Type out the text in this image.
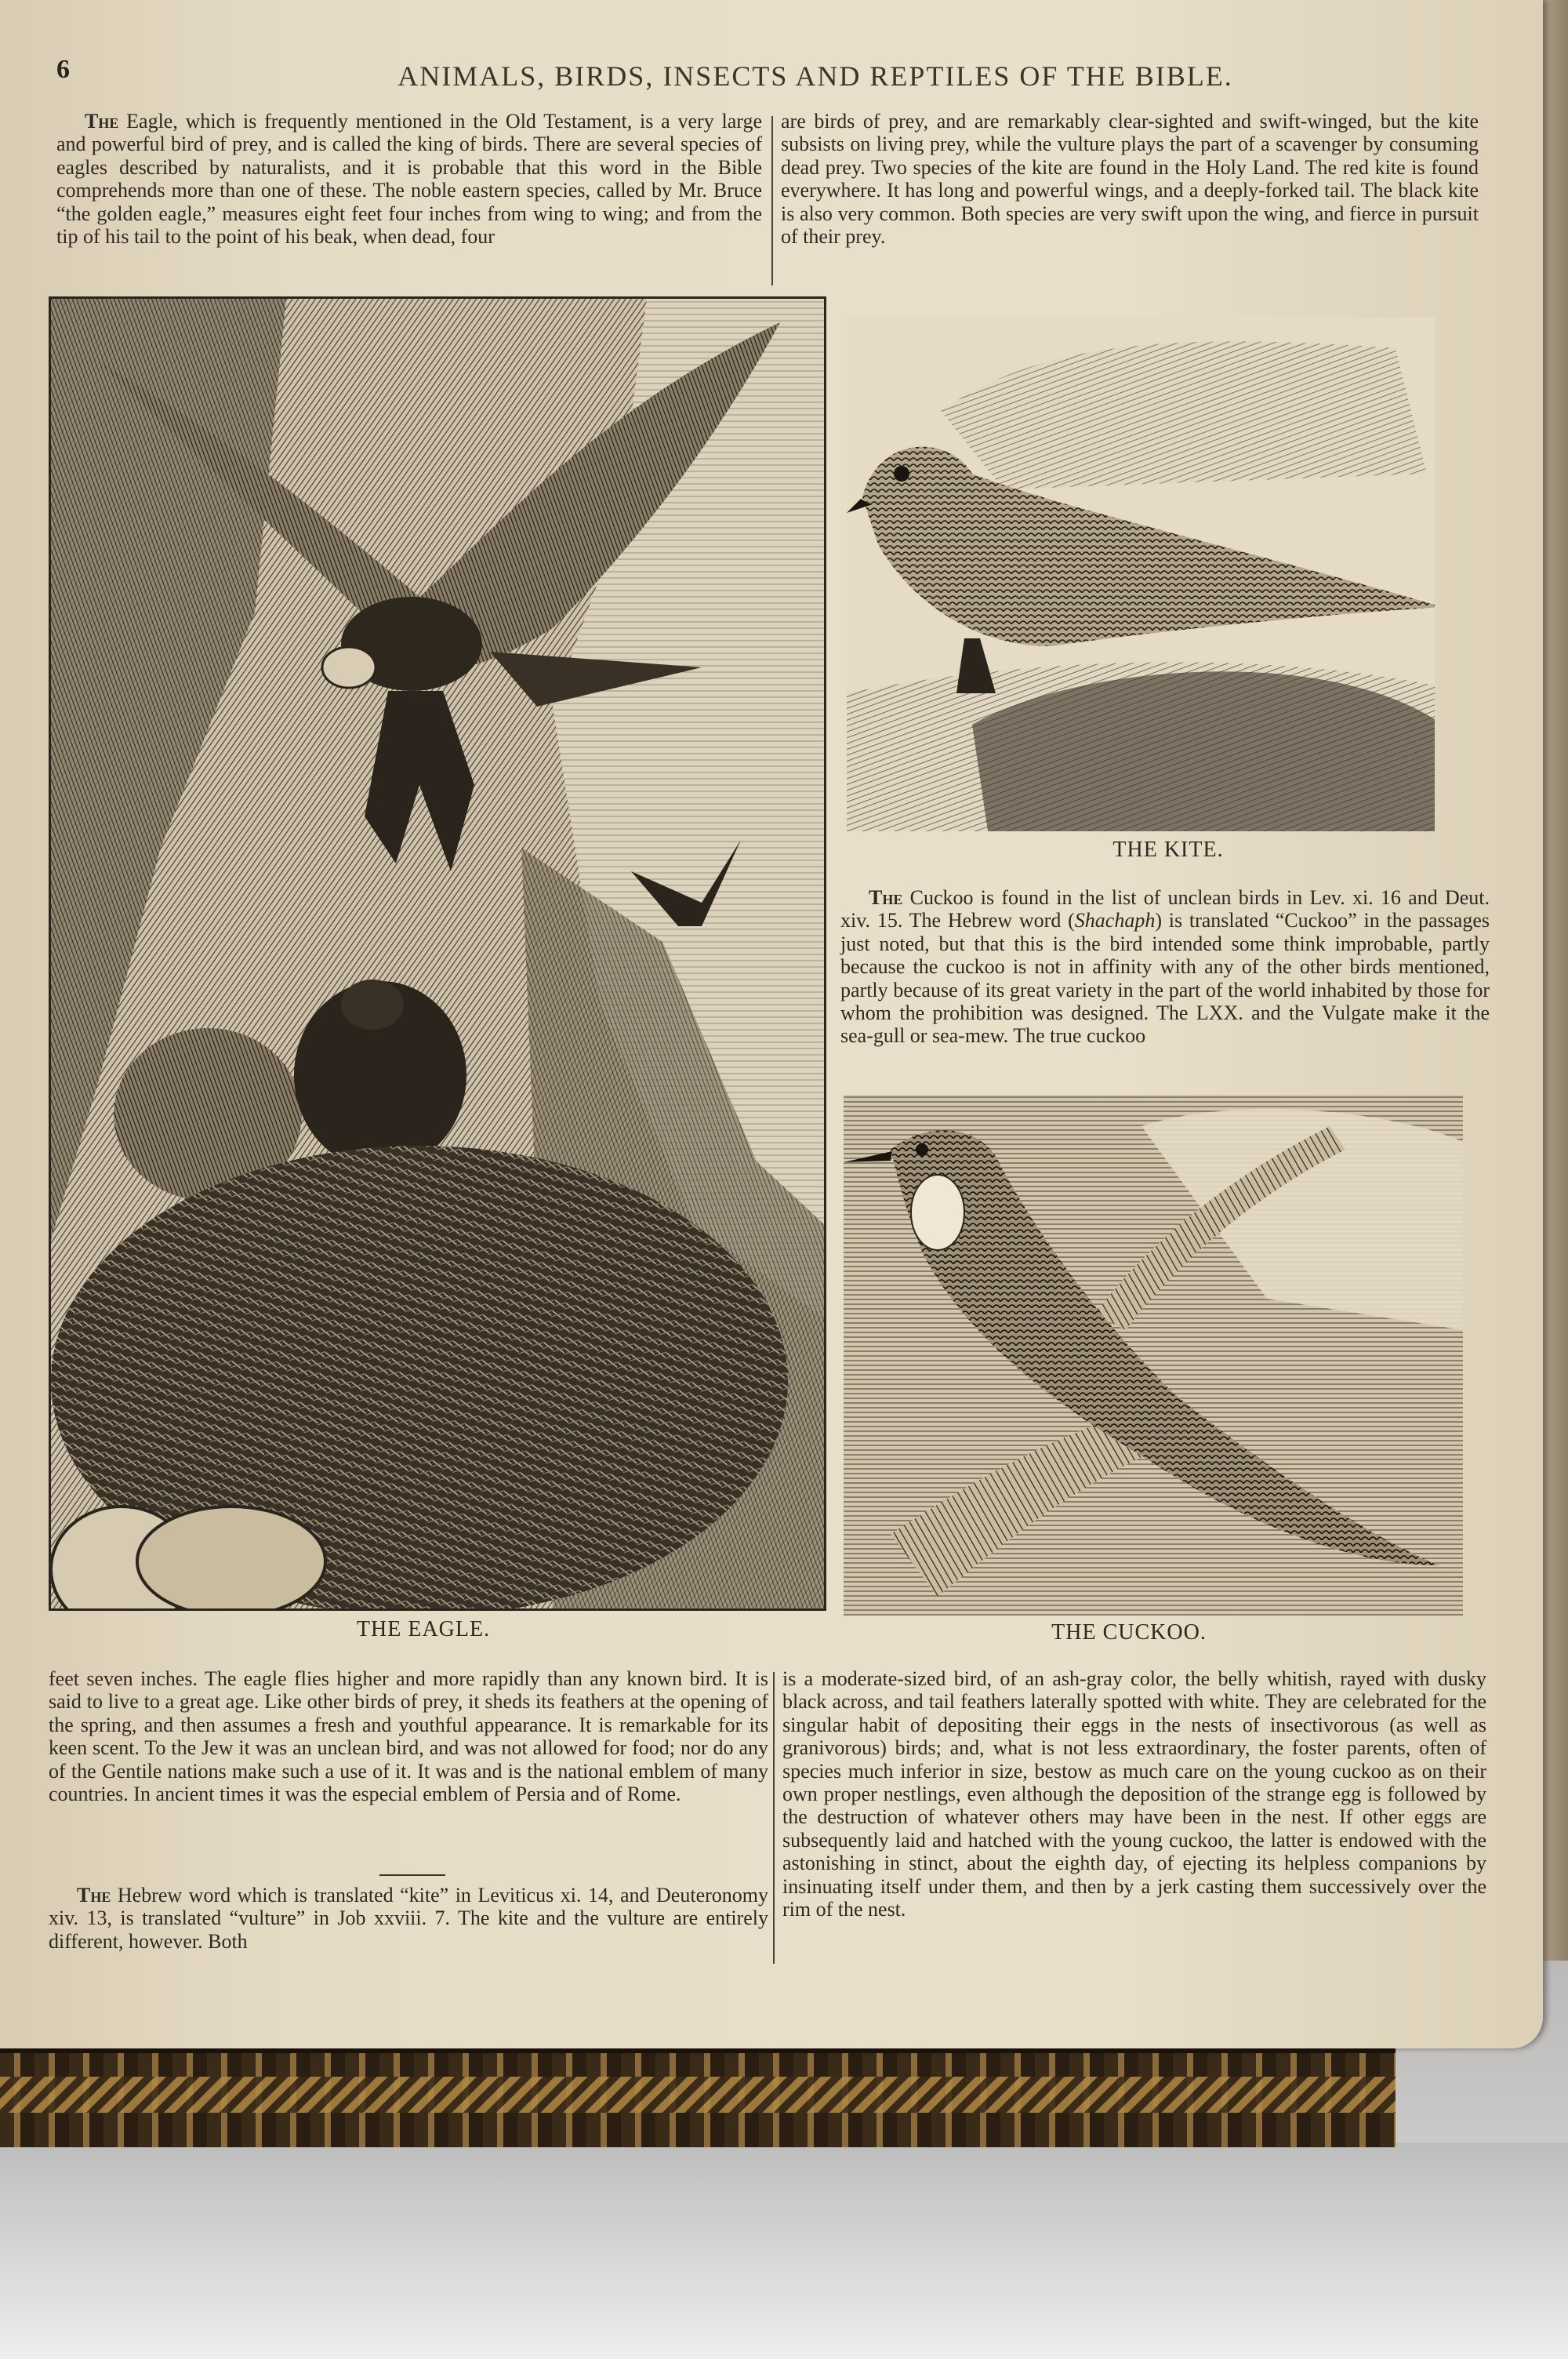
6	ANIMALS, BIRDS, INSECTS AND REPTILES OF THE BIBLE.

The Eagle, which is frequently mentioned in the Old Testament, is a very large and powerful bird of prey, and is called the king of birds. There are several species of eagles described by naturalists, and it is probable that this word in the Bible comprehends more than one of these. The noble eastern species, called by Mr. Bruce “the golden eagle,” measures eight feet four inches from wing to wing; and from the tip of his tail to the point of his beak, when dead, four

are birds of prey, and are remarkably clear-sighted and swift-winged, but the kite subsists on living prey, while the vulture plays the part of a scavenger by consuming dead prey. Two species of the kite are found in the Holy Land. The red kite is found everywhere. It has long and powerful wings, and a deeply-forked tail. The black kite is also very common. Both species are very swift upon the wing, and fierce in pursuit of their prey.

THE KITE.

The Cuckoo is found in the list of unclean birds in Lev. xi. 16 and Deut. xiv. 15. The Hebrew word (Shachaph) is translated “Cuckoo” in the passages just noted, but that this is the bird intended some think improbable, partly because the cuckoo is not in affinity with any of the other birds mentioned, partly because of its great variety in the part of the world inhabited by those for whom the prohibition was designed. The LXX. and the Vulgate make it the sea-gull or sea-mew. The true cuckoo

THE EAGLE.	THE CUCKOO.

feet seven inches. The eagle flies higher and more rapidly than any known bird. It is said to live to a great age. Like other birds of prey, it sheds its feathers at the opening of the spring, and then assumes a fresh and youthful appearance. It is remarkable for its keen scent. To the Jew it was an unclean bird, and was not allowed for food; nor do any of the Gentile nations make such a use of it. It was and is the national emblem of many countries. In ancient times it was the especial emblem of Persia and of Rome.

The Hebrew word which is translated “kite” in Leviticus xi. 14, and Deuteronomy xiv. 13, is translated “vulture” in Job xxviii. 7. The kite and the vulture are entirely different, however. Both

is a moderate-sized bird, of an ash-gray color, the belly whitish, rayed with dusky black across, and tail feathers laterally spotted with white. They are celebrated for the singular habit of depositing their eggs in the nests of insectivorous (as well as granivorous) birds; and, what is not less extraordinary, the foster parents, often of species much inferior in size, bestow as much care on the young cuckoo as on their own proper nestlings, even although the deposition of the strange egg is followed by the destruction of whatever others may have been in the nest. If other eggs are subsequently laid and hatched with the young cuckoo, the latter is endowed with the astonishing in stinct, about the eighth day, of ejecting its helpless companions by insinuating itself under them, and then by a jerk casting them successively over the rim of the nest.
